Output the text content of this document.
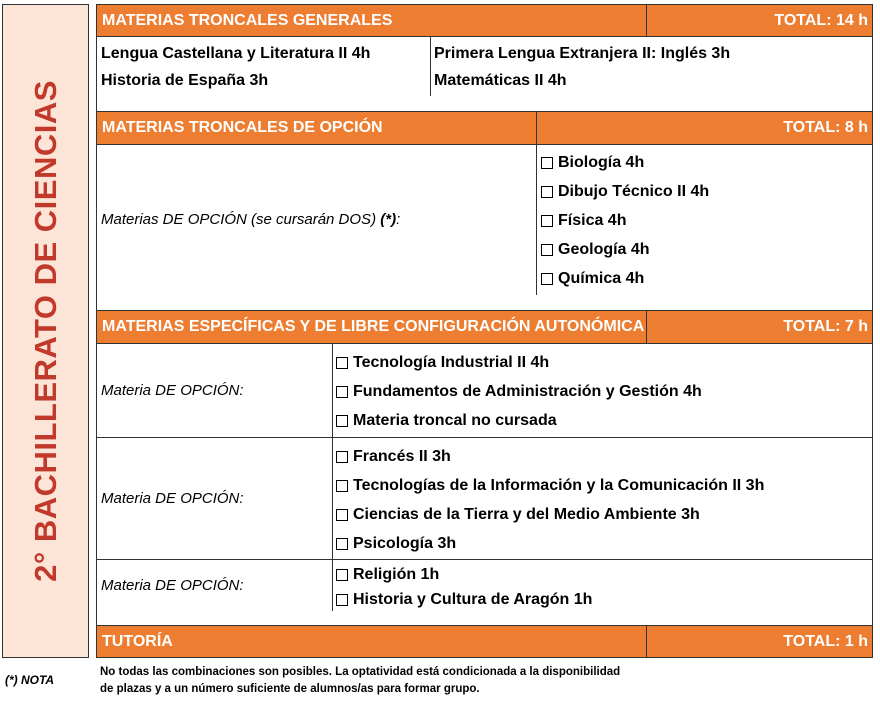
2° BACHILLERATO DE CIENCIAS
MATERIAS TRONCALES GENERALES	TOTAL: 14 h
Lengua Castellana y Literatura II 4h
Historia de España 3h
Primera Lengua Extranjera II: Inglés 3h
Matemáticas II 4h
MATERIAS TRONCALES DE OPCIÓN	TOTAL: 8 h
Materias DE OPCIÓN (se cursarán DOS) (*):
Biología 4h
Dibujo Técnico II 4h
Física 4h
Geología 4h
Química 4h
MATERIAS ESPECÍFICAS Y DE LIBRE CONFIGURACIÓN AUTONÓMICA	TOTAL: 7 h
Materia DE OPCIÓN:
Tecnología Industrial II 4h
Fundamentos de Administración y Gestión 4h
Materia troncal no cursada
Materia DE OPCIÓN:
Francés II 3h
Tecnologías de la Información y la Comunicación II 3h
Ciencias de la Tierra y del Medio Ambiente 3h
Psicología 3h
Materia DE OPCIÓN:
Religión 1h
Historia y Cultura de Aragón 1h
TUTORÍA	TOTAL: 1 h
(*) NOTA
No todas las combinaciones son posibles. La optatividad está condicionada a la disponibilidad
de plazas y a un número suficiente de alumnos/as para formar grupo.
